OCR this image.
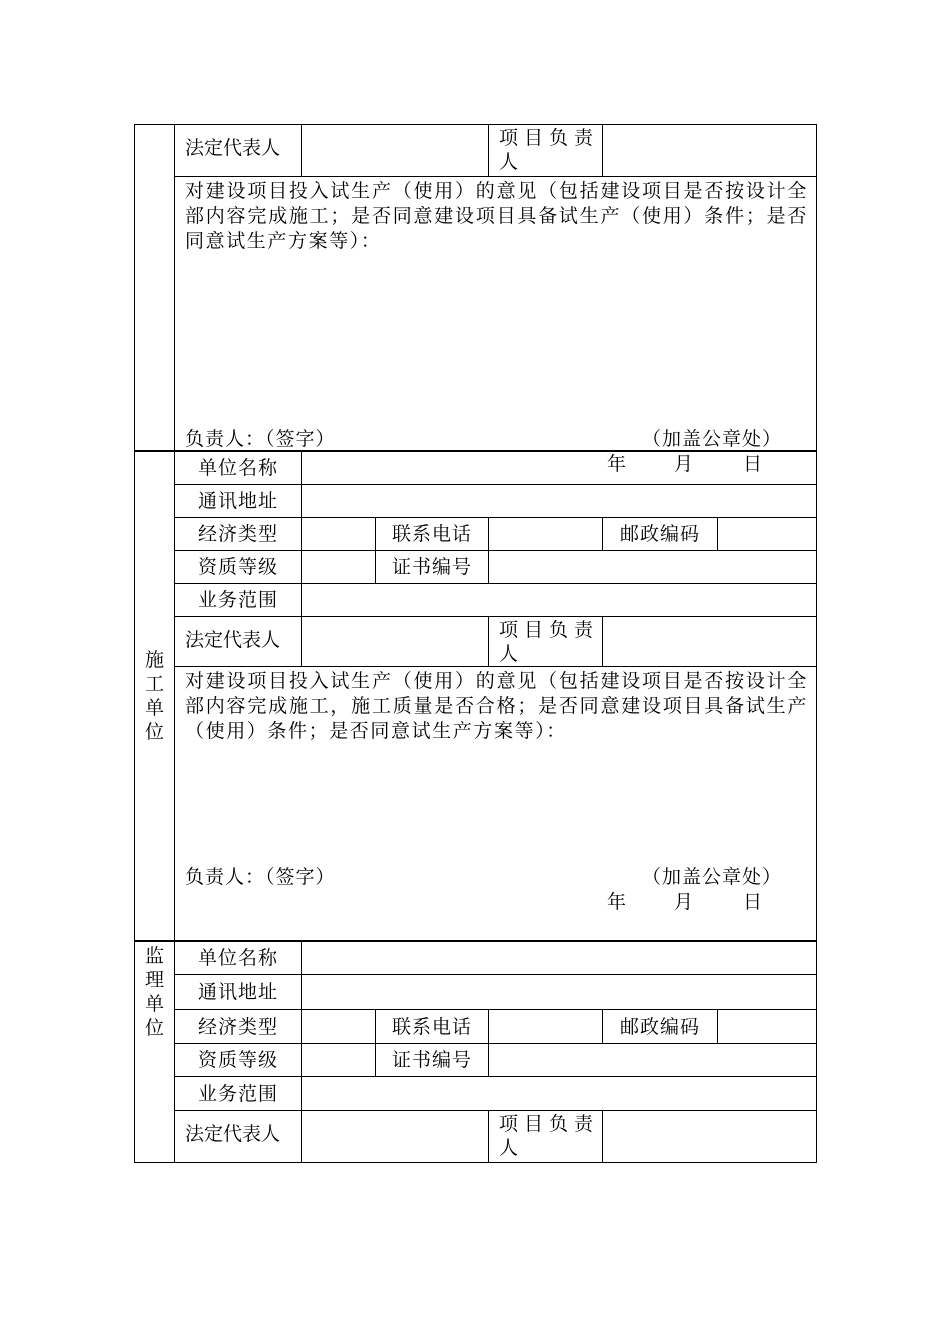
	法定代表人			项目负责人		

	对建设项目投入试生产（使用）的意见（包括建设项目是否按设计全部内容完成施工；是否同意建设项目具备试生产（使用）条件；是否同意试生产方案等）：
负责人：（签字） （加盖公章处）
年 月 日					

施
工
单
位	单位名称					
	通讯地址					
	经济类型		联系电话		邮政编码	
	资质等级		证书编号			
	业务范围					
	法定代表人			项目负责人		

	对建设项目投入试生产（使用）的意见（包括建设项目是否按设计全部内容完成施工，施工质量是否合格；是否同意建设项目具备试生产（使用）条件；是否同意试生产方案等）：
负责人：（签字） （加盖公章处）
年 月 日					

监
理
单
位	单位名称					
	通讯地址					
	经济类型		联系电话		邮政编码	
	资质等级		证书编号			
	业务范围					
	法定代表人			项目负责人		
